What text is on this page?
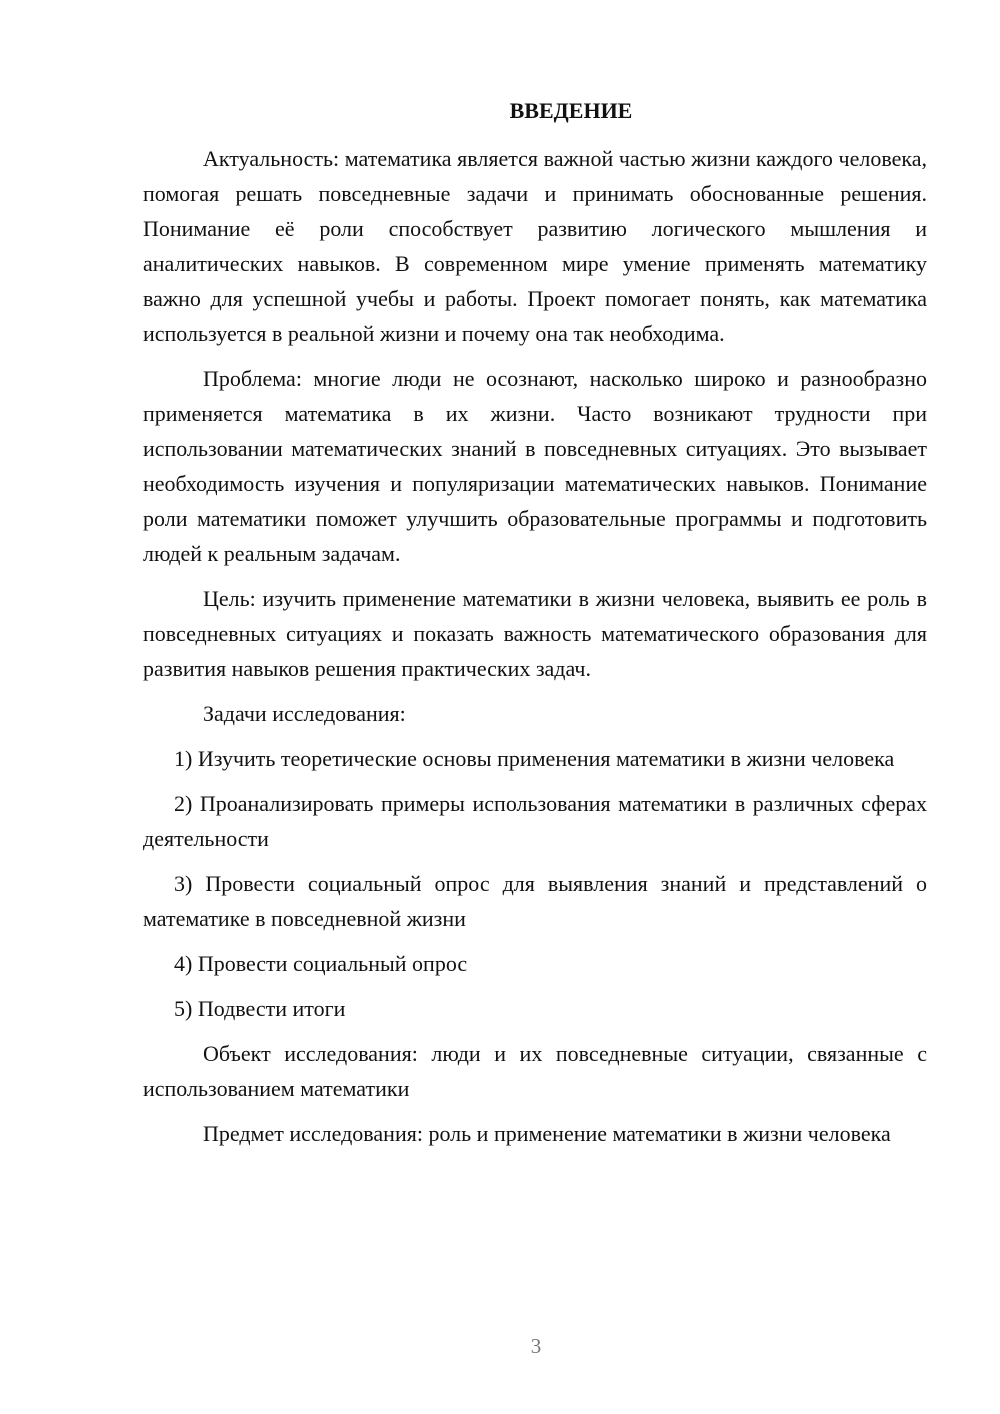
ВВЕДЕНИЕ

Актуальность: математика является важной частью жизни каждого человека, помогая решать повседневные задачи и принимать обоснованные решения. Понимание её роли способствует развитию логического мышления и аналитических навыков. В современном мире умение применять математику важно для успешной учебы и работы. Проект помогает понять, как математика используется в реальной жизни и почему она так необходима.

Проблема: многие люди не осознают, насколько широко и разнообразно применяется математика в их жизни. Часто возникают трудности при использовании математических знаний в повседневных ситуациях. Это вызывает необходимость изучения и популяризации математических навыков. Понимание роли математики поможет улучшить образовательные программы и подготовить людей к реальным задачам.

Цель: изучить применение математики в жизни человека, выявить ее роль в повседневных ситуациях и показать важность математического образования для развития навыков решения практических задач.

Задачи исследования:

1) Изучить теоретические основы применения математики в жизни человека

2) Проанализировать примеры использования математики в различных сферах деятельности

3) Провести социальный опрос для выявления знаний и представлений о математике в повседневной жизни

4) Провести социальный опрос

5) Подвести итоги

Объект исследования: люди и их повседневные ситуации, связанные с использованием математики

Предмет исследования: роль и применение математики в жизни человека

3
